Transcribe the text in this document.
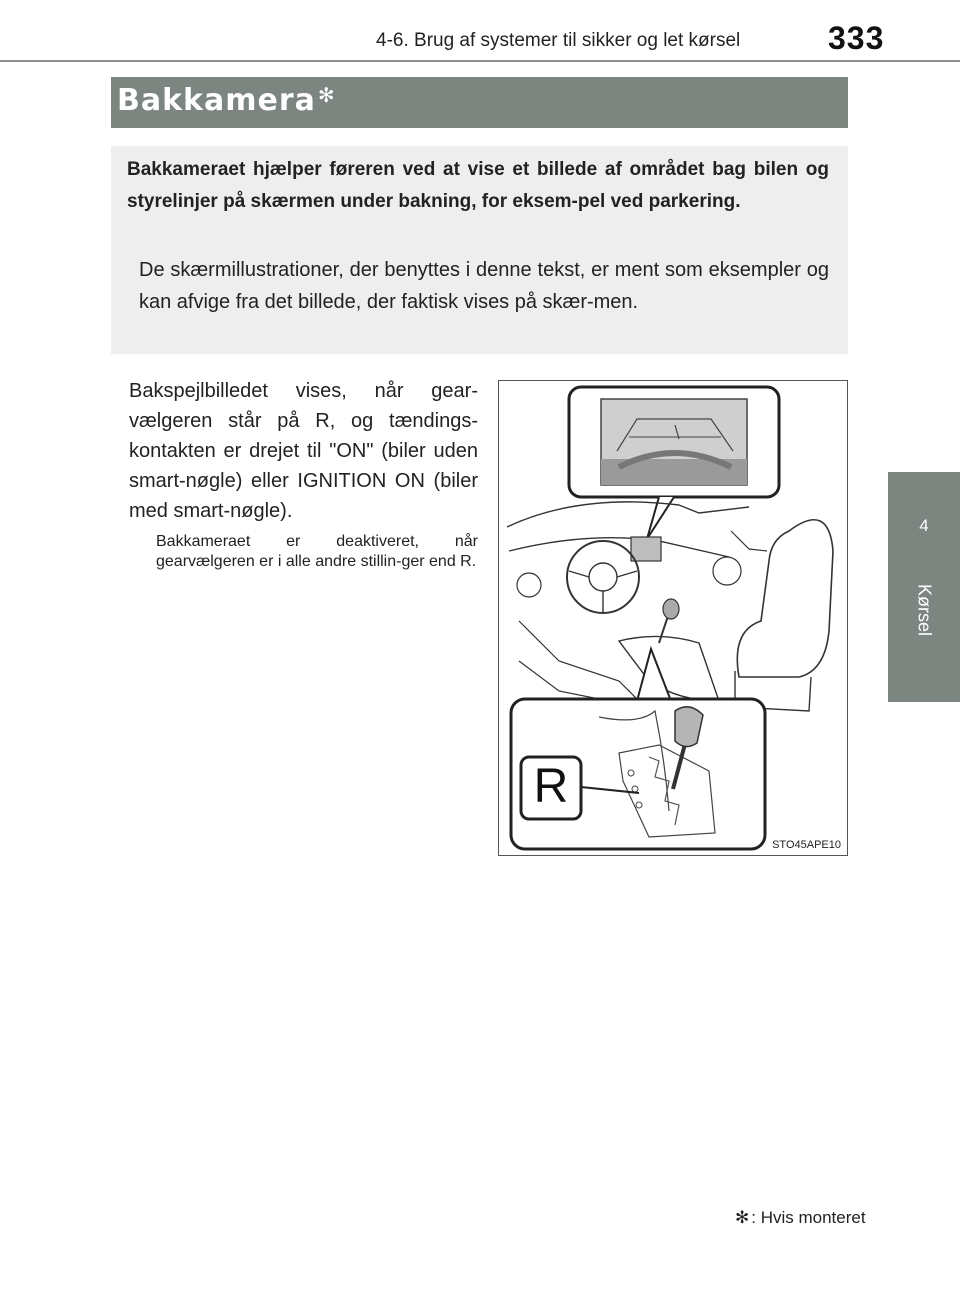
4-6. Brug af systemer til sikker og let kørsel	333
4
Kørsel
Bakkamera ✻
Bakkameraet hjælper føreren ved at vise et billede af området bag bilen og styrelinjer på skærmen under bakning, for eksem-pel ved parkering.
De skærmillustrationer, der benyttes i denne tekst, er ment som eksempler og kan afvige fra det billede, der faktisk vises på skær-men.
Bakspejlbilledet vises, når gear-vælgeren står på R, og tændings-kontakten er drejet til "ON" (biler uden smart-nøgle) eller IGNITION ON (biler med smart-nøgle).
Bakkameraet er deaktiveret, når gearvælgeren er i alle andre stillin-ger end R.
R
STO45APE10
✻ : Hvis monteret
